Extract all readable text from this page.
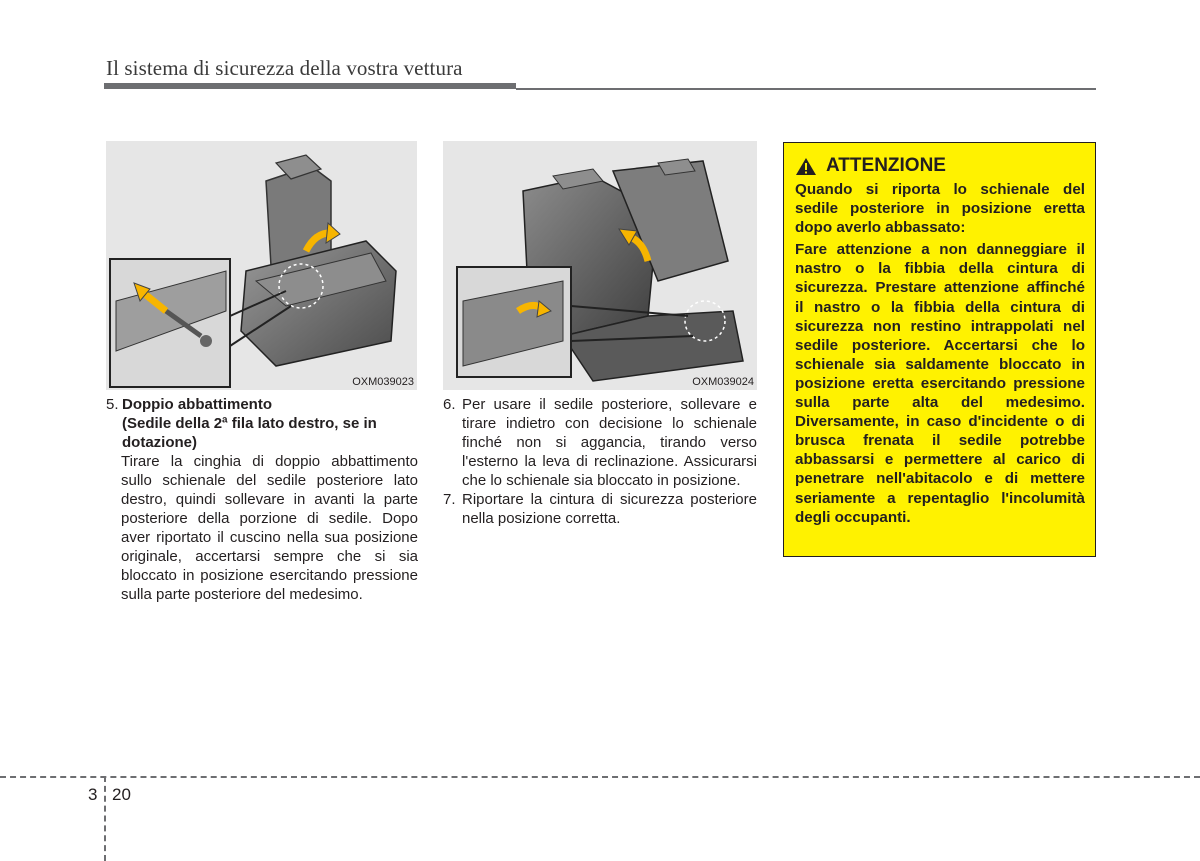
Il sistema di sicurezza della vostra vettura
OXM039023	OXM039024
5. Doppio abbattimento
(Sedile della 2ª fila lato destro, se in dotazione)
Tirare la cinghia di doppio abbattimento sullo schienale del sedile posteriore lato destro, quindi sollevare in avanti la parte posteriore della porzione di sedile. Dopo aver riportato il cuscino nella sua posizione originale, accertarsi sempre che si sia bloccato in posizione esercitando pressione sulla parte posteriore del medesimo.
6. Per usare il sedile posteriore, sollevare e tirare indietro con decisione lo schienale finché non si aggancia, tirando verso l'esterno la leva di reclinazione. Assicurarsi che lo schienale sia bloccato in posizione.
7. Riportare la cintura di sicurezza posteriore nella posizione corretta.
ATTENZIONE

Quando si riporta lo schienale del sedile posteriore in posizione eretta dopo averlo abbassato:

Fare attenzione a non danneggiare il nastro o la fibbia della cintura di sicurezza. Prestare attenzione affinché il nastro o la fibbia della cintura di sicurezza non restino intrappolati nel sedile posteriore. Accertarsi che lo schienale sia saldamente bloccato in posizione eretta esercitando pressione sulla parte alta del medesimo. Diversamente, in caso d'incidente o di brusca frenata il sedile potrebbe abbassarsi e permettere al carico di penetrare nell'abitacolo e di mettere seriamente a repentaglio l'incolumità degli occupanti.

3 20
